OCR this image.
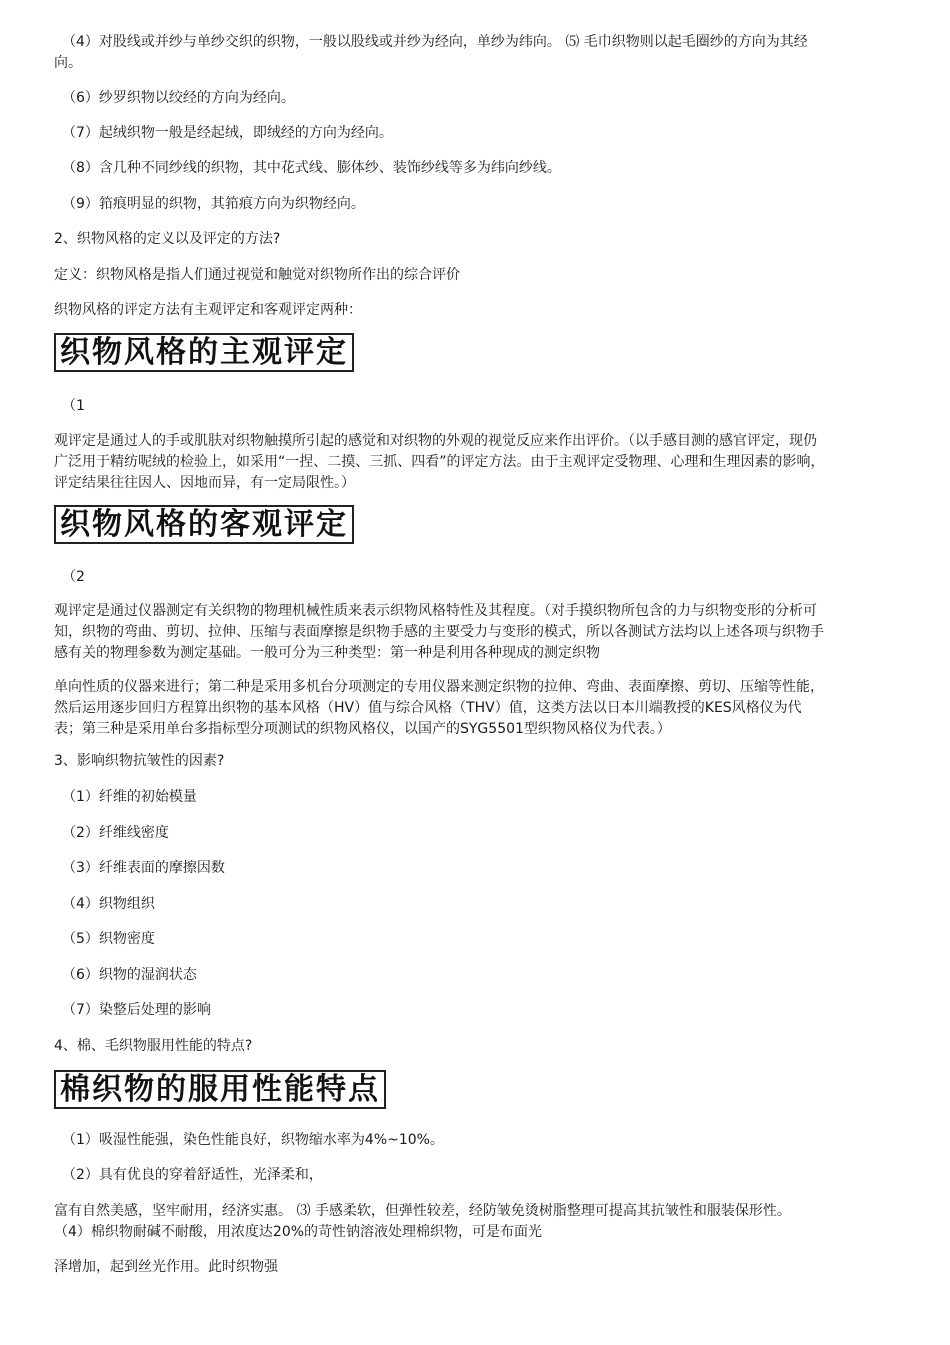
（4）对股线或并纱与单纱交织的织物，一般以股线或并纱为经向，单纱为纬向。 ⑸ 毛巾织物则以起毛圈纱的方向为其经
向。
（6）纱罗织物以绞经的方向为经向。
（7）起绒织物一般是经起绒，即绒经的方向为经向。
（8）含几种不同纱线的织物，其中花式线、膨体纱、装饰纱线等多为纬向纱线。
（9）筘痕明显的织物，其筘痕方向为织物经向。
2、织物风格的定义以及评定的方法?
定义：织物风格是指人们通过视觉和触觉对织物所作出的综合评价
织物风格的评定方法有主观评定和客观评定两种：
织物风格的主观评定
（1
观评定是通过人的手或肌肤对织物触摸所引起的感觉和对织物的外观的视觉反应来作出评价。（以手感目测的感官评定，现仍
广泛用于精纺呢绒的检验上，如采用“一捏、二摸、三抓、四看”的评定方法。由于主观评定受物理、心理和生理因素的影响，
评定结果往往因人、因地而异，有一定局限性。）
织物风格的客观评定
（2
观评定是通过仪器测定有关织物的物理机械性质来表示织物风格特性及其程度。（对手摸织物所包含的力与织物变形的分析可
知，织物的弯曲、剪切、拉伸、压缩与表面摩擦是织物手感的主要受力与变形的模式，所以各测试方法均以上述各项与织物手
感有关的物理参数为测定基础。一般可分为三种类型：第一种是利用各种现成的测定织物
单向性质的仪器来进行；第二种是采用多机台分项测定的专用仪器来测定织物的拉伸、弯曲、表面摩擦、剪切、压缩等性能，
然后运用逐步回归方程算出织物的基本风格（HV）值与综合风格（THV）值，这类方法以日本川端教授的KES风格仪为代
表；第三种是采用单台多指标型分项测试的织物风格仪，以国产的SYG5501型织物风格仪为代表。）
3、影响织物抗皱性的因素?
（1）纤维的初始模量
（2）纤维线密度
（3）纤维表面的摩擦因数
（4）织物组织
（5）织物密度
（6）织物的湿润状态
（7）染整后处理的影响
4、棉、毛织物服用性能的特点?
棉织物的服用性能特点
（1）吸湿性能强，染色性能良好，织物缩水率为4%~10%。
（2）具有优良的穿着舒适性，光泽柔和，
富有自然美感，坚牢耐用，经济实惠。 ⑶ 手感柔软，但弹性较差，经防皱免烫树脂整理可提高其抗皱性和服装保形性。
（4）棉织物耐碱不耐酸，用浓度达20%的苛性钠溶液处理棉织物，可是布面光
泽增加，起到丝光作用。此时织物强
